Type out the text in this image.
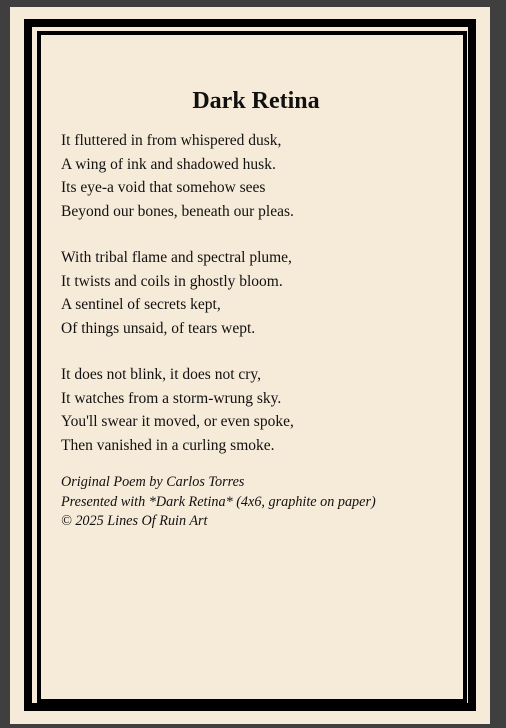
Dark Retina
It fluttered in from whispered dusk,
A wing of ink and shadowed husk.
Its eye-a void that somehow sees
Beyond our bones, beneath our pleas.
With tribal flame and spectral plume,
It twists and coils in ghostly bloom.
A sentinel of secrets kept,
Of things unsaid, of tears wept.
It does not blink, it does not cry,
It watches from a storm-wrung sky.
You'll swear it moved, or even spoke,
Then vanished in a curling smoke.
Original Poem by Carlos Torres
Presented with *Dark Retina* (4x6, graphite on paper)
© 2025 Lines Of Ruin Art
